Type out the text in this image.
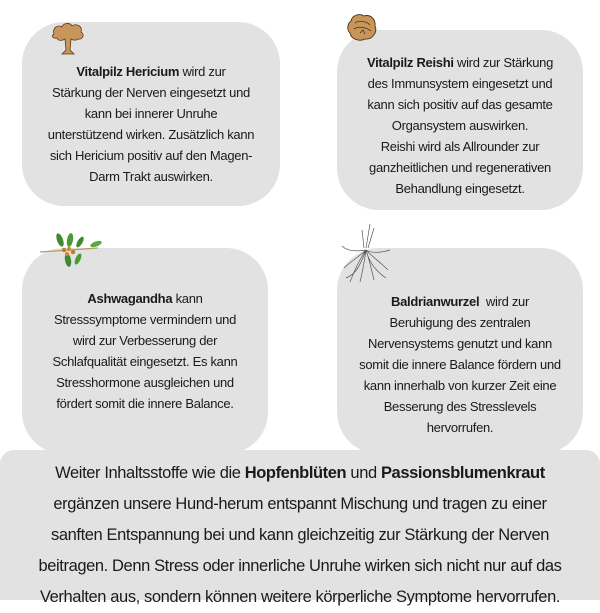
Vitalpilz Hericium wird zur

Stärkung der Nerven eingesetzt und

kann bei innerer Unruhe

unterstützend wirken. Zusätzlich kann

sich Hericium positiv auf den Magen-

Darm Trakt auswirken.

Vitalpilz Reishi wird zur Stärkung

des Immunsystem eingesetzt und

kann sich positiv auf das gesamte

Organsystem auswirken.

Reishi wird als Allrounder zur

ganzheitlichen und regenerativen

Behandlung eingesetzt.

Ashwagandha kann

Stresssymptome vermindern und

wird zur Verbesserung der

Schlafqualität eingesetzt. Es kann

Stresshormone ausgleichen und

fördert somit die innere Balance.

Baldrianwurzel wird zur

Beruhigung des zentralen

Nervensystems genutzt und kann

somit die innere Balance fördern und

kann innerhalb von kurzer Zeit eine

Besserung des Stresslevels

hervorrufen.

Weiter Inhaltsstoffe wie die Hopfenblüten und Passionsblumenkraut
ergänzen unsere Hund-herum entspannt Mischung und tragen zu einer
sanften Entspannung bei und kann gleichzeitig zur Stärkung der Nerven
beitragen. Denn Stress oder innerliche Unruhe wirken sich nicht nur auf das
Verhalten aus, sondern können weitere körperliche Symptome hervorrufen.
